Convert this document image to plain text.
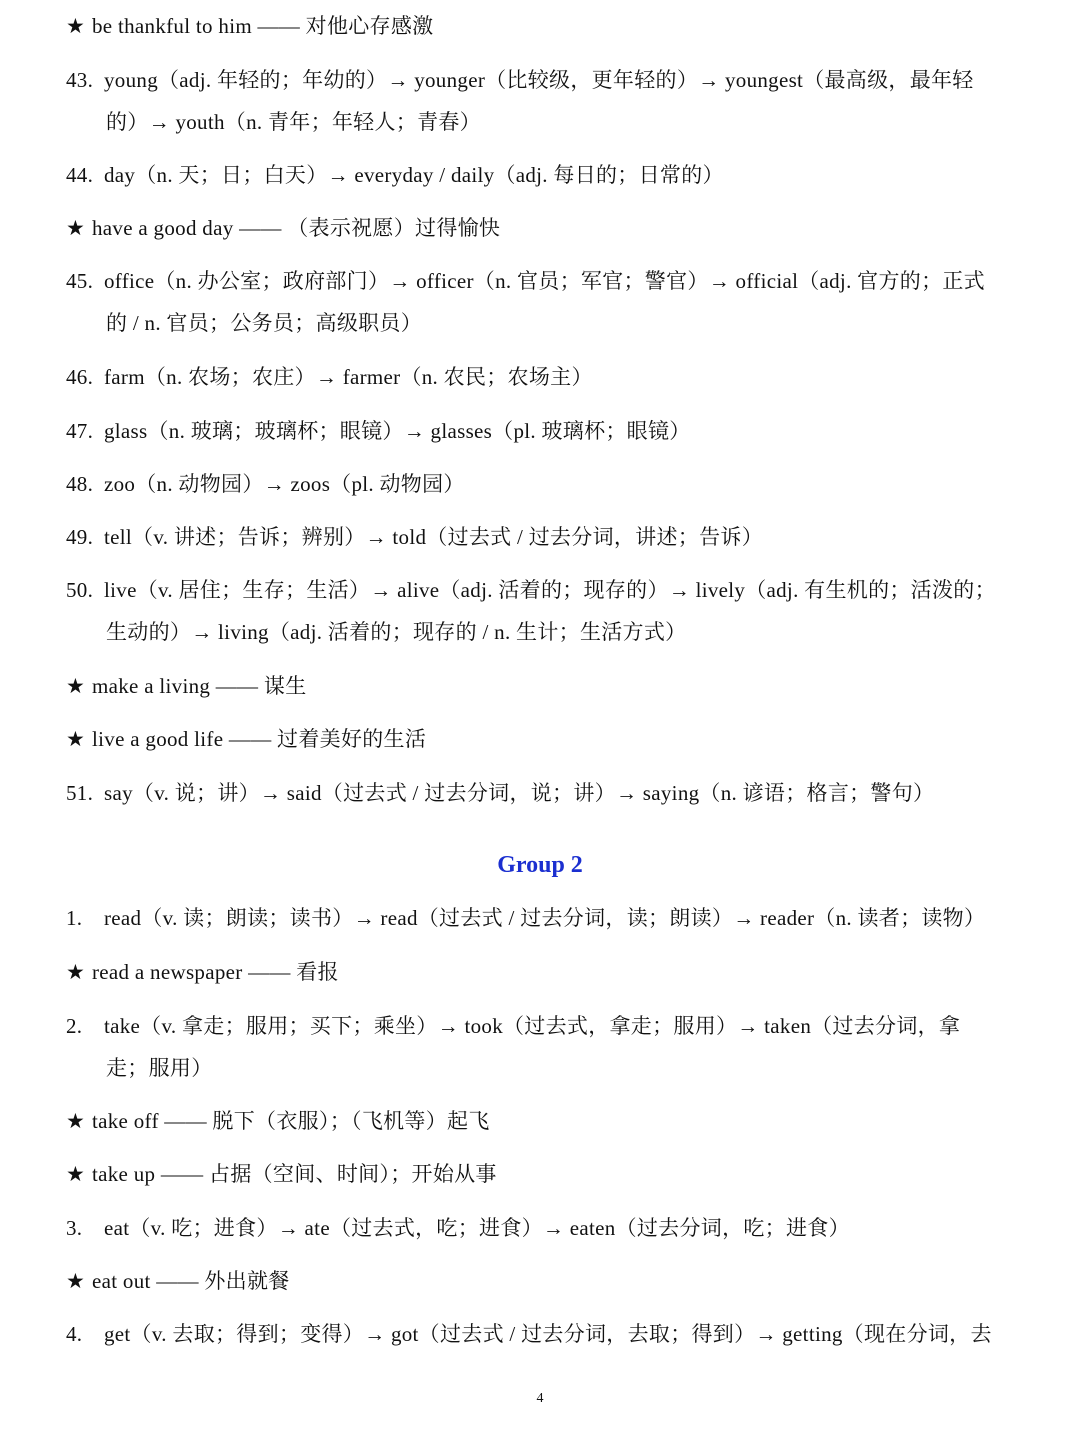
★ be thankful to him —— 对他心存感激
43. young（adj. 年轻的；年幼的）→ younger（比较级，更年轻的）→ youngest（最高级，最年轻
的）→ youth（n. 青年；年轻人；青春）
44. day（n. 天；日；白天）→ everyday / daily（adj. 每日的；日常的）
★ have a good day —— （表示祝愿）过得愉快
45. office（n. 办公室；政府部门）→ officer（n. 官员；军官；警官）→ official（adj. 官方的；正式
的 / n. 官员；公务员；高级职员）
46. farm（n. 农场；农庄）→ farmer（n. 农民；农场主）
47. glass（n. 玻璃；玻璃杯；眼镜）→ glasses（pl. 玻璃杯；眼镜）
48. zoo（n. 动物园）→ zoos（pl. 动物园）
49. tell（v. 讲述；告诉；辨别）→ told（过去式 / 过去分词，讲述；告诉）
50. live（v. 居住；生存；生活）→ alive（adj. 活着的；现存的）→ lively（adj. 有生机的；活泼的；
生动的）→ living（adj. 活着的；现存的 / n. 生计；生活方式）
★ make a living —— 谋生
★ live a good life —— 过着美好的生活
51. say（v. 说；讲）→ said（过去式 / 过去分词，说；讲）→ saying（n. 谚语；格言；警句）
Group 2
1. read（v. 读；朗读；读书）→ read（过去式 / 过去分词，读；朗读）→ reader（n. 读者；读物）
★ read a newspaper —— 看报
2. take（v. 拿走；服用；买下；乘坐）→ took（过去式，拿走；服用）→ taken（过去分词，拿
走；服用）
★ take off —— 脱下（衣服）；（飞机等）起飞
★ take up —— 占据（空间、时间）；开始从事
3. eat（v. 吃；进食）→ ate（过去式，吃；进食）→ eaten（过去分词，吃；进食）
★ eat out —— 外出就餐
4. get（v. 去取；得到；变得）→ got（过去式 / 过去分词，去取；得到）→ getting（现在分词，去
4
